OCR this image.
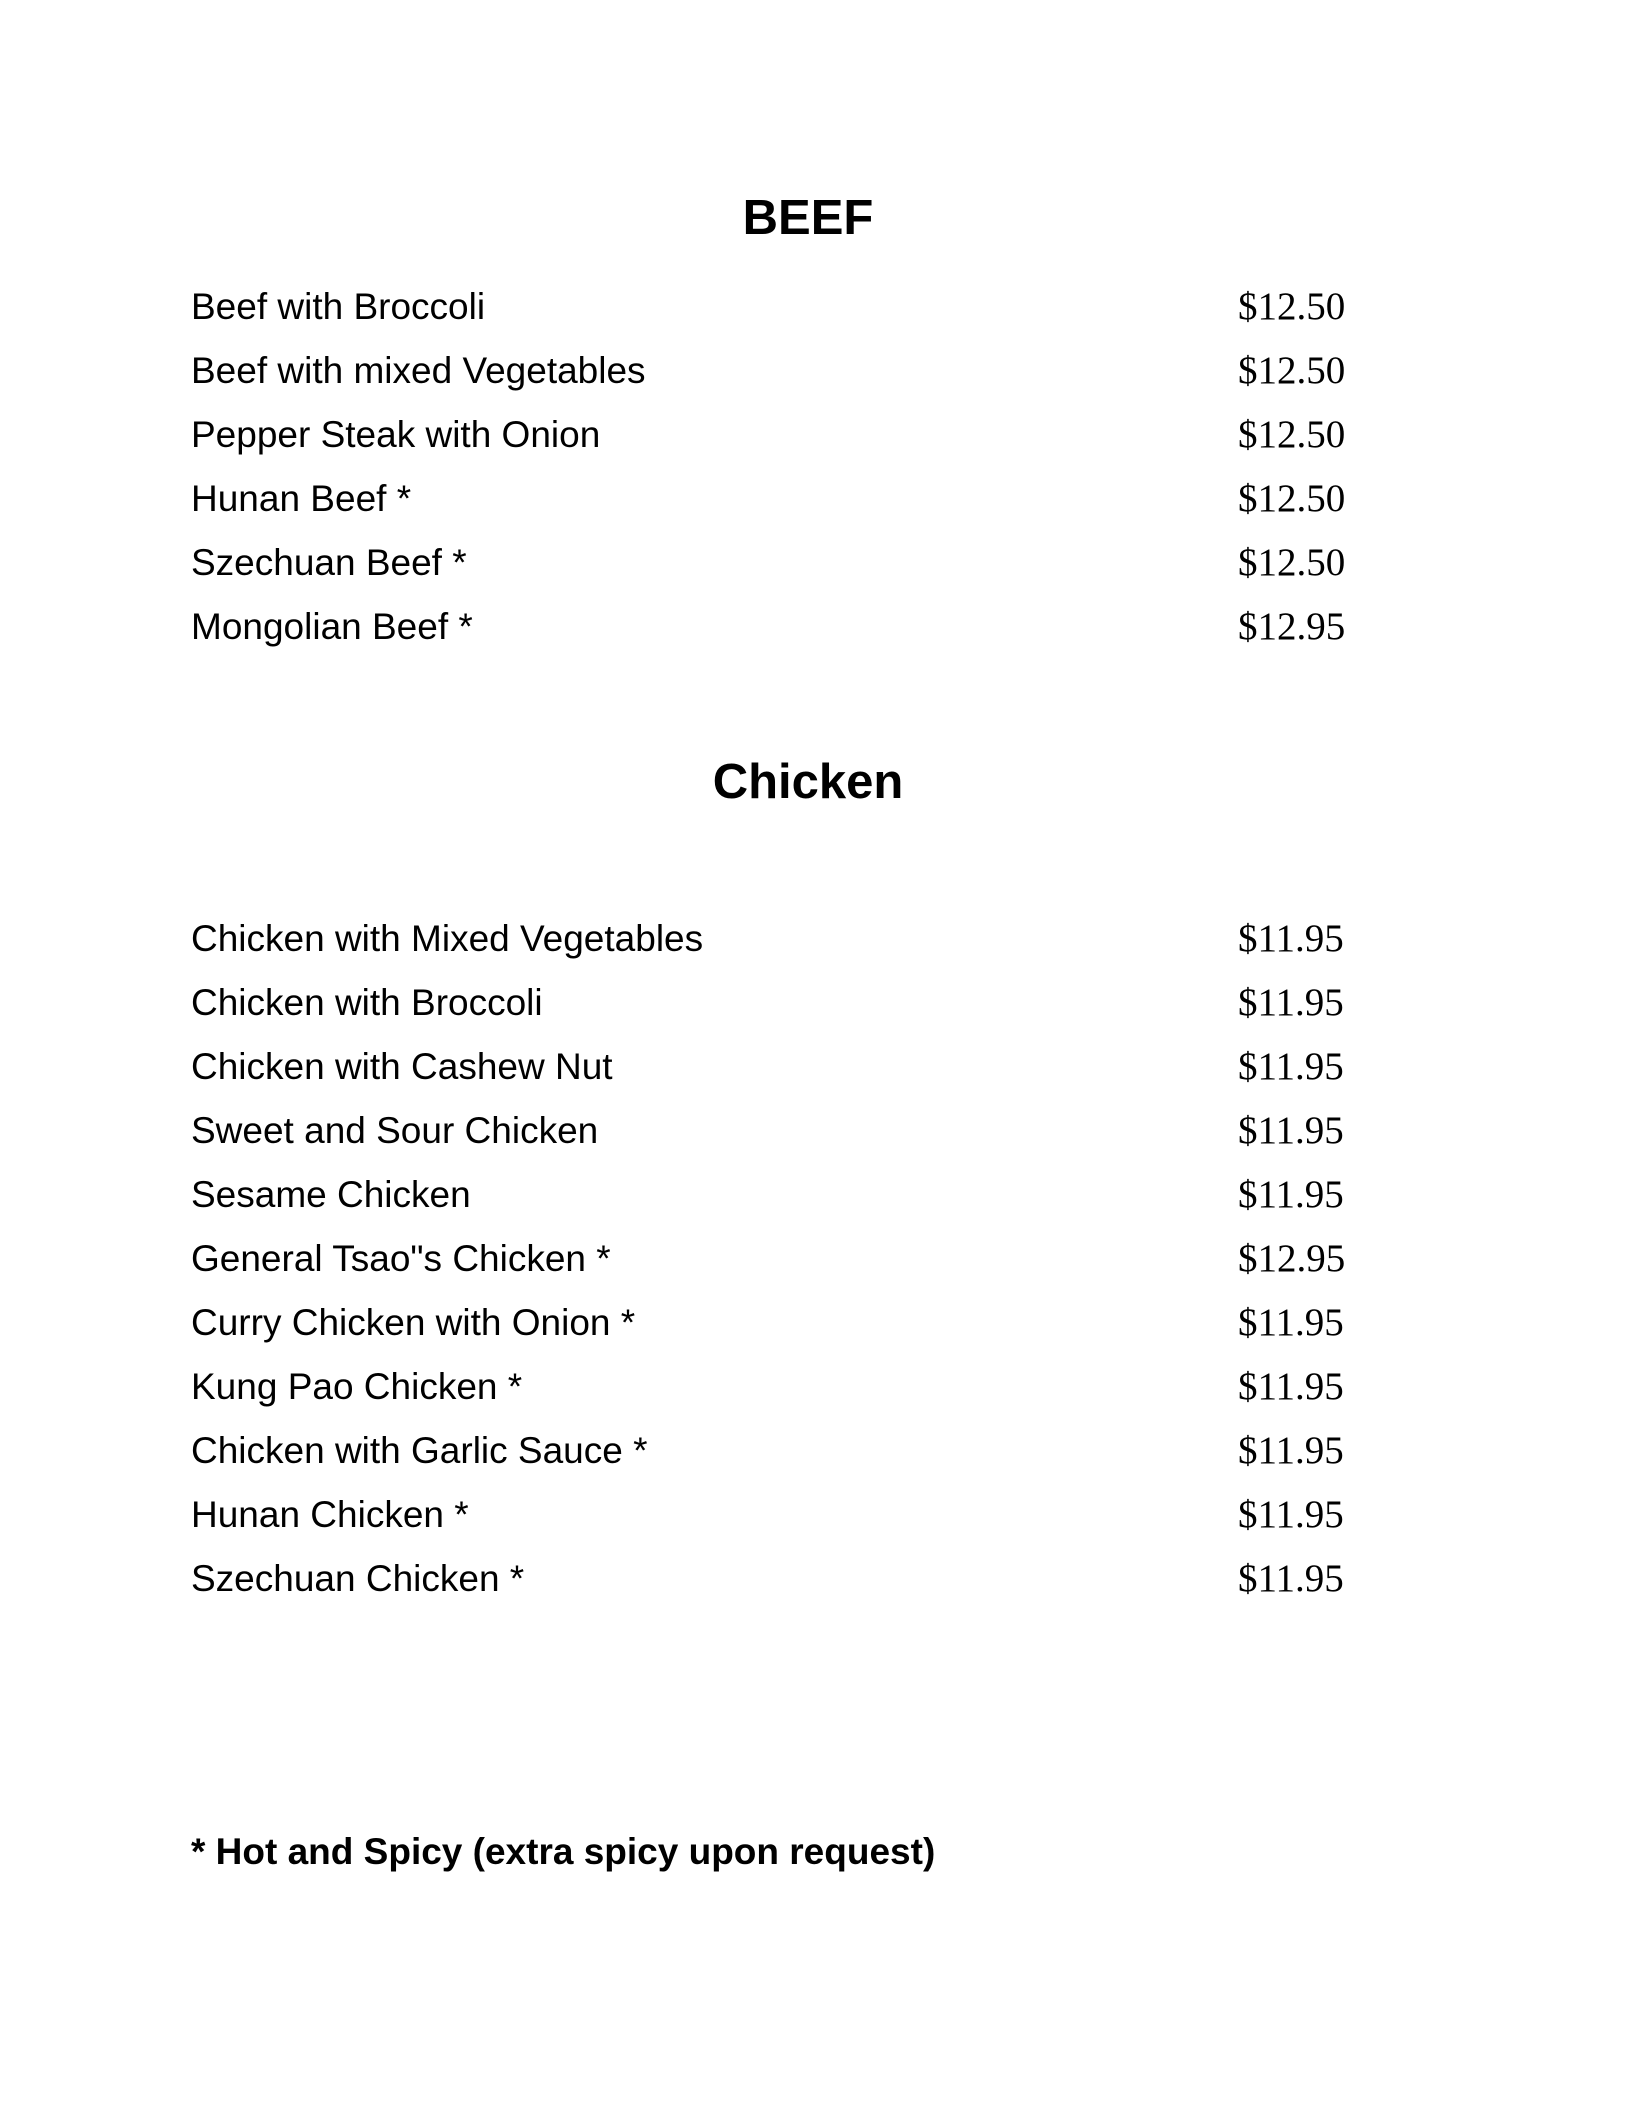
BEEF
Beef with Broccoli	$12.50
Beef with mixed Vegetables	$12.50
Pepper Steak with Onion	$12.50
Hunan Beef *	$12.50
Szechuan Beef *	$12.50
Mongolian Beef *	$12.95
Chicken
Chicken with Mixed Vegetables	$11.95
Chicken with Broccoli	$11.95
Chicken with Cashew Nut	$11.95
Sweet and Sour Chicken	$11.95
Sesame Chicken	$11.95
General Tsao"s Chicken *	$12.95
Curry Chicken with Onion *	$11.95
Kung Pao Chicken *	$11.95
Chicken with Garlic Sauce *	$11.95
Hunan Chicken *	$11.95
Szechuan Chicken *	$11.95

* Hot and Spicy (extra spicy upon request)
